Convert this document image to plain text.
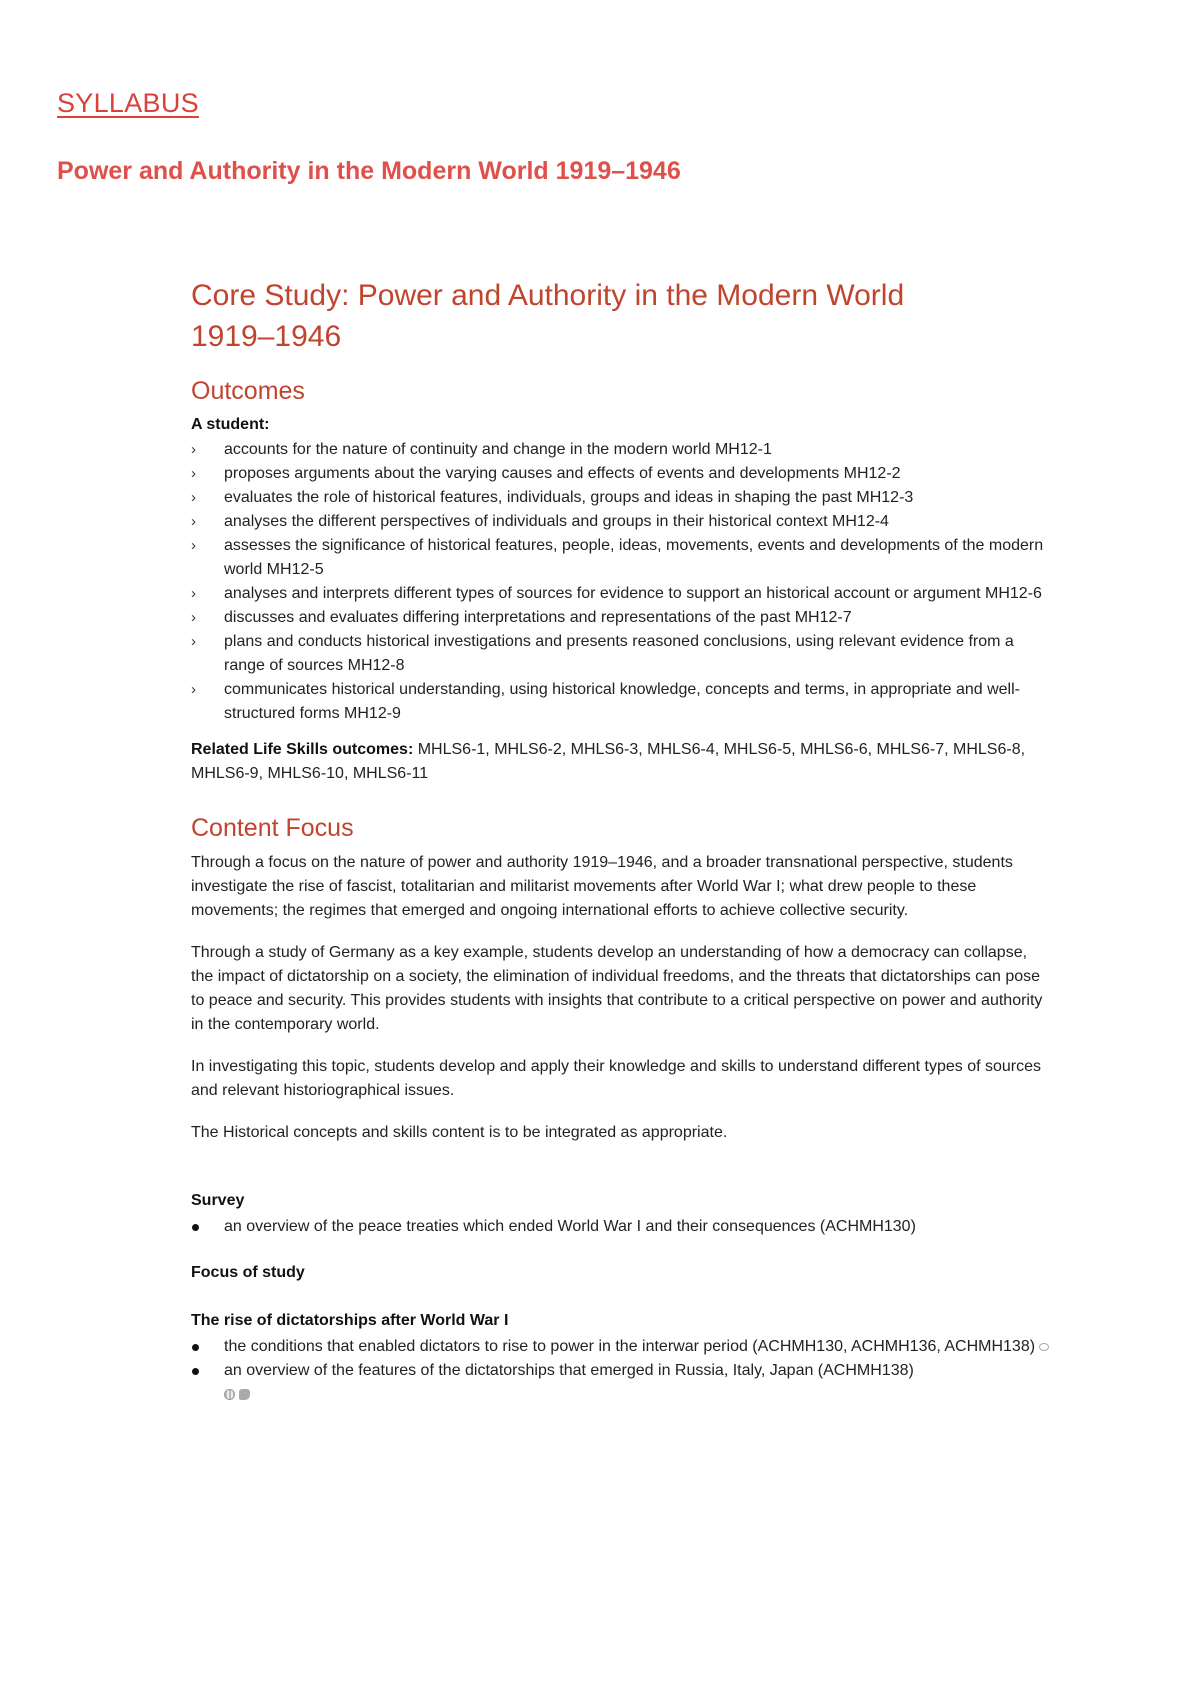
SYLLABUS
Power and Authority in the Modern World 1919–1946
Core Study: Power and Authority in the Modern World
1919–1946
Outcomes
A student:
› accounts for the nature of continuity and change in the modern world MH12-1
› proposes arguments about the varying causes and effects of events and developments MH12-2
› evaluates the role of historical features, individuals, groups and ideas in shaping the past MH12-3
› analyses the different perspectives of individuals and groups in their historical context MH12-4
› assesses the significance of historical features, people, ideas, movements, events and developments of the modern world MH12-5
› analyses and interprets different types of sources for evidence to support an historical account or argument MH12-6
› discusses and evaluates differing interpretations and representations of the past MH12-7
› plans and conducts historical investigations and presents reasoned conclusions, using relevant evidence from a range of sources MH12-8
› communicates historical understanding, using historical knowledge, concepts and terms, in appropriate and well-structured forms MH12-9
Related Life Skills outcomes: MHLS6-1, MHLS6-2, MHLS6-3, MHLS6-4, MHLS6-5, MHLS6-6, MHLS6-7, MHLS6-8, MHLS6-9, MHLS6-10, MHLS6-11
Content Focus

Through a focus on the nature of power and authority 1919–1946, and a broader transnational perspective, students investigate the rise of fascist, totalitarian and militarist movements after World War I; what drew people to these movements; the regimes that emerged and ongoing international efforts to achieve collective security.

Through a study of Germany as a key example, students develop an understanding of how a democracy can collapse, the impact of dictatorship on a society, the elimination of individual freedoms, and the threats that dictatorships can pose to peace and security. This provides students with insights that contribute to a critical perspective on power and authority in the contemporary world.

In investigating this topic, students develop and apply their knowledge and skills to understand different types of sources and relevant historiographical issues.

The Historical concepts and skills content is to be integrated as appropriate.

Survey
an overview of the peace treaties which ended World War I and their consequences (ACHMH130)
Focus of study
The rise of dictatorships after World War I
the conditions that enabled dictators to rise to power in the interwar period (ACHMH130, ACHMH136, ACHMH138)
an overview of the features of the dictatorships that emerged in Russia, Italy, Japan (ACHMH138)
